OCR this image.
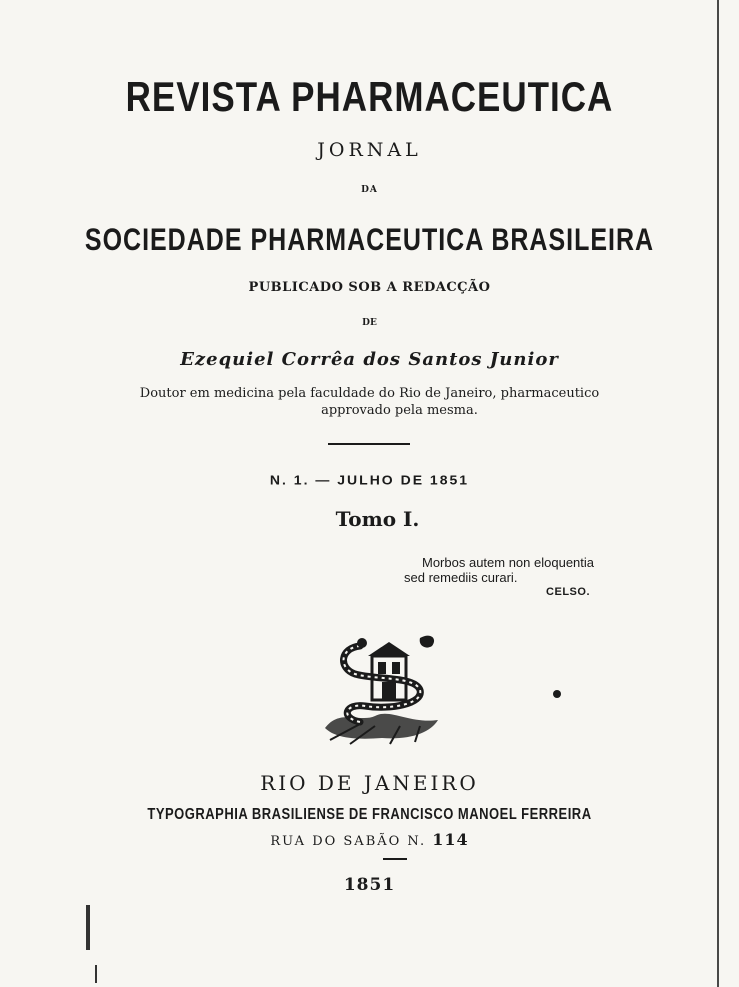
REVISTA PHARMACEUTICA
JORNAL
DA
SOCIEDADE PHARMACEUTICA BRASILEIRA
PUBLICADO SOB A REDACÇÃO
DE
Ezequiel Corrêa dos Santos Junior
Doutor em medicina pela faculdade do Rio de Janeiro, pharmaceutico
approvado pela mesma.
N. 1. — JULHO DE 1851
Tomo I.
Morbos autem non eloquentia
sed remediis curari.
CELSO.
RIO DE JANEIRO
TYPOGRAPHIA BRASILIENSE DE FRANCISCO MANOEL FERREIRA
RUA DO SABÃO N. 114
1851
